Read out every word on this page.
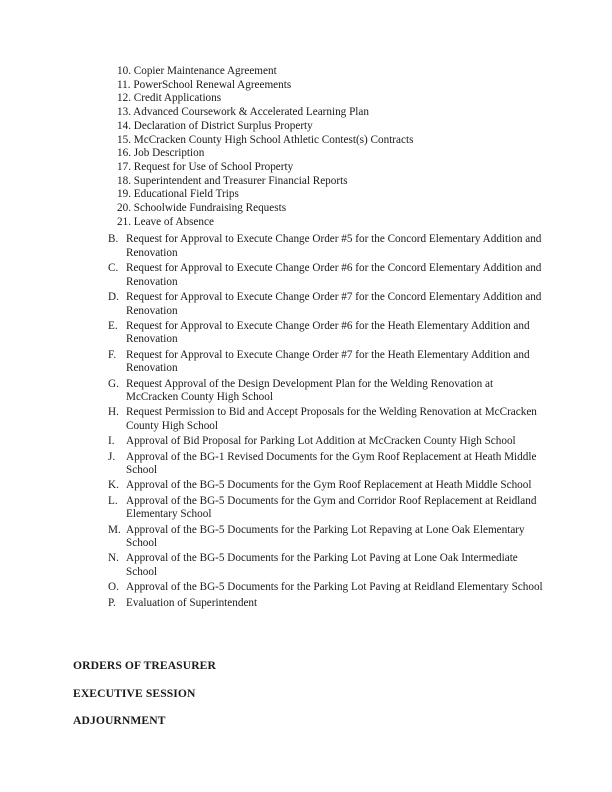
10. Copier Maintenance Agreement
11. PowerSchool Renewal Agreements
12. Credit Applications
13. Advanced Coursework & Accelerated Learning Plan
14. Declaration of District Surplus Property
15. McCracken County High School Athletic Contest(s) Contracts
16. Job Description
17. Request for Use of School Property
18. Superintendent and Treasurer Financial Reports
19. Educational Field Trips
20. Schoolwide Fundraising Requests
21. Leave of Absence
B. Request for Approval to Execute Change Order #5 for the Concord Elementary Addition and Renovation
C. Request for Approval to Execute Change Order #6 for the Concord Elementary Addition and Renovation
D. Request for Approval to Execute Change Order #7 for the Concord Elementary Addition and Renovation
E. Request for Approval to Execute Change Order #6 for the Heath Elementary Addition and Renovation
F. Request for Approval to Execute Change Order #7 for the Heath Elementary Addition and Renovation
G. Request Approval of the Design Development Plan for the Welding Renovation at McCracken County High School
H. Request Permission to Bid and Accept Proposals for the Welding Renovation at McCracken County High School
I.	Approval of Bid Proposal for Parking Lot Addition at McCracken County High School
J. Approval of the BG-1 Revised Documents for the Gym Roof Replacement at Heath Middle School
K. Approval of the BG-5 Documents for the Gym Roof Replacement at Heath Middle School
L. Approval of the BG-5 Documents for the Gym and Corridor Roof Replacement at Reidland Elementary School
M. Approval of the BG-5 Documents for the Parking Lot Repaving at Lone Oak Elementary School
N. Approval of the BG-5 Documents for the Parking Lot Paving at Lone Oak Intermediate School
O. Approval of the BG-5 Documents for the Parking Lot Paving at Reidland Elementary School
P. Evaluation of Superintendent
ORDERS OF TREASURER
EXECUTIVE SESSION
ADJOURNMENT
